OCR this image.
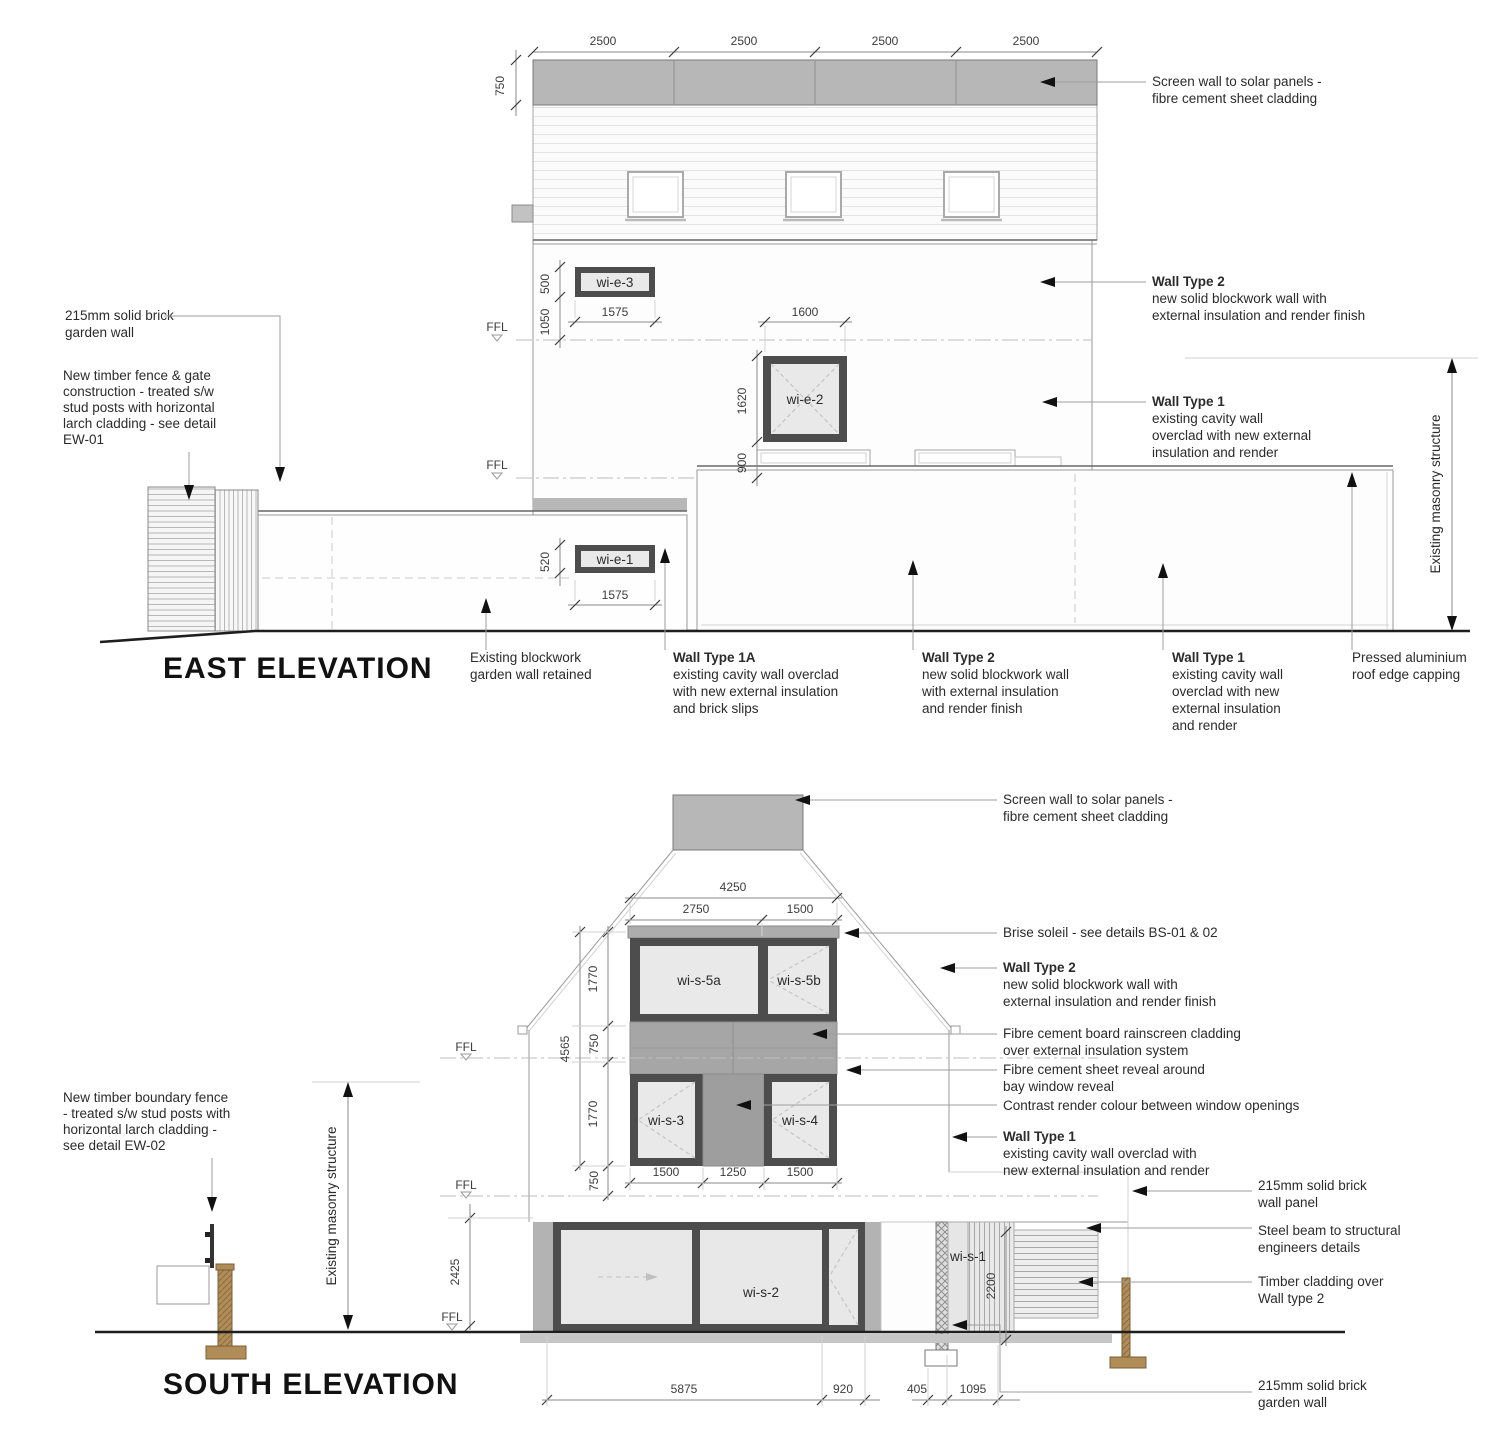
2500	2500	2500	2500
750
500
1050	1575	1600
1620
900
520
1575
FFL
FFL	Existing masonry structure
wi-e-3
wi-e-2
wi-e-1
215mm solid brick
garden wall
New timber fence & gate
construction - treated s/w
stud posts with horizontal
larch cladding - see detail
EW-01
Existing blockwork
garden wall retained
Wall Type 1A
existing cavity wall overclad
with new external insulation
and brick slips
Wall Type 2
new solid blockwork wall
with external insulation
and render finish
Wall Type 1
existing cavity wall
overclad with new
external insulation
and render
Pressed aluminium
roof edge capping
Screen wall to solar panels -
fibre cement sheet cladding
Wall Type 2
new solid blockwork wall with
external insulation and render finish
Wall Type 1
existing cavity wall
overclad with new external
insulation and render
EAST ELEVATION
4250
2750	1500
1770
750
1770
750
4565
2425
1500	1250	1500
2200
5875	920	405	1095
FFL
FFL
FFL
Existing masonry structure
wi-s-5a	wi-s-5b
wi-s-3	wi-s-4
wi-s-2
wi-s-1
New timber boundary fence
- treated s/w stud posts with
horizontal larch cladding -
see detail EW-02
Screen wall to solar panels -
fibre cement sheet cladding
Brise soleil - see details BS-01 & 02
Wall Type 2
new solid blockwork wall with
external insulation and render finish
Fibre cement board rainscreen cladding
over external insulation system
Fibre cement sheet reveal around
bay window reveal
Contrast render colour between window openings
Wall Type 1
existing cavity wall overclad with
new external insulation and render
215mm solid brick
wall panel
Steel beam to structural
engineers details
Timber cladding over
Wall type 2
215mm solid brick
garden wall
SOUTH ELEVATION
